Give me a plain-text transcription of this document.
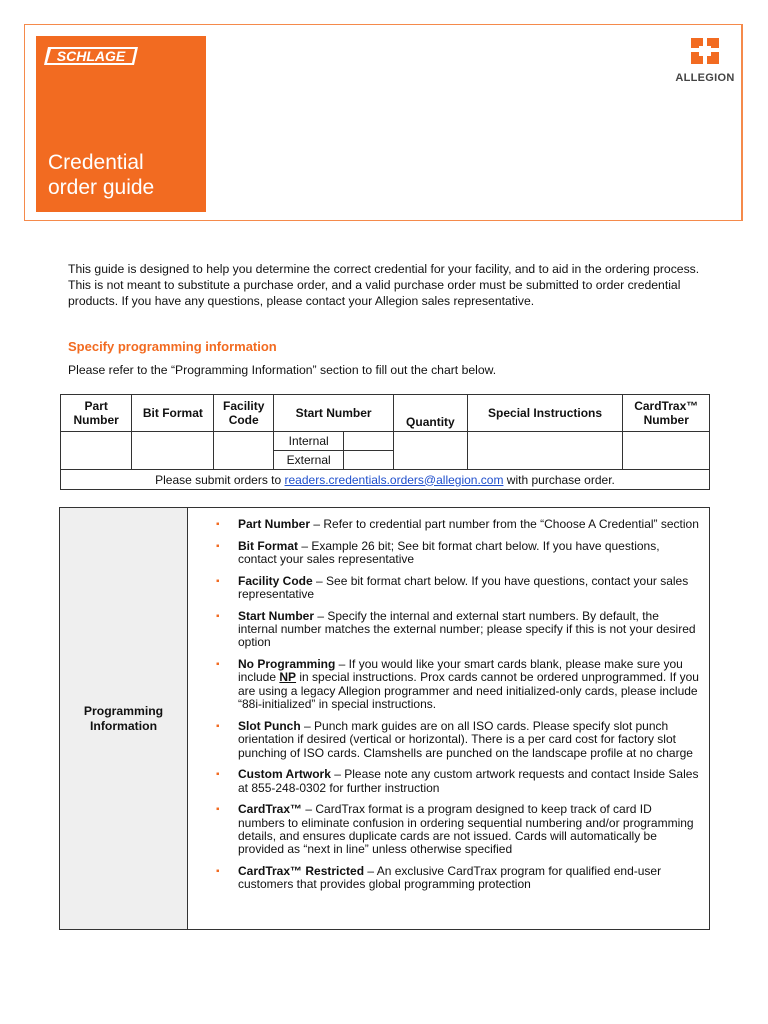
SCHLAGE
Credential
order guide
ALLEGION
This guide is designed to help you determine the correct credential for your facility, and to aid in the ordering process. This is not meant to substitute a purchase order, and a valid purchase order must be submitted to order credential products. If you have any questions, please contact your Allegion sales representative.
Specify programming information
Please refer to the “Programming Information” section to fill out the chart below.
Part Number	Bit Format	Facility Code	Start Number		Quantity	Special Instructions	CardTrax™ Number
			Internal				
			External				
Please submit orders to readers.credentials.orders@allegion.com with purchase order.							
Programming Information	
▪ Part Number – Refer to credential part number from the “Choose A Credential” section
▪ Bit Format – Example 26 bit; See bit format chart below. If you have questions, contact your sales representative
▪ Facility Code – See bit format chart below. If you have questions, contact your sales representative
▪ Start Number – Specify the internal and external start numbers. By default, the internal number matches the external number; please specify if this is not your desired option
▪ No Programming – If you would like your smart cards blank, please make sure you include NP in special instructions. Prox cards cannot be ordered unprogrammed. If you are using a legacy Allegion programmer and need initialized-only cards, please include “88i-initialized” in special instructions.
▪ Slot Punch – Punch mark guides are on all ISO cards. Please specify slot punch orientation if desired (vertical or horizontal). There is a per card cost for factory slot punching of ISO cards. Clamshells are punched on the landscape profile at no charge
▪ Custom Artwork – Please note any custom artwork requests and contact Inside Sales at 855-248-0302 for further instruction
▪ CardTrax™ – CardTrax format is a program designed to keep track of card ID numbers to eliminate confusion in ordering sequential numbering and/or programming details, and ensures duplicate cards are not issued. Cards will automatically be provided as “next in line” unless otherwise specified
▪ CardTrax™ Restricted – An exclusive CardTrax program for qualified end-user customers that provides global programming protection
